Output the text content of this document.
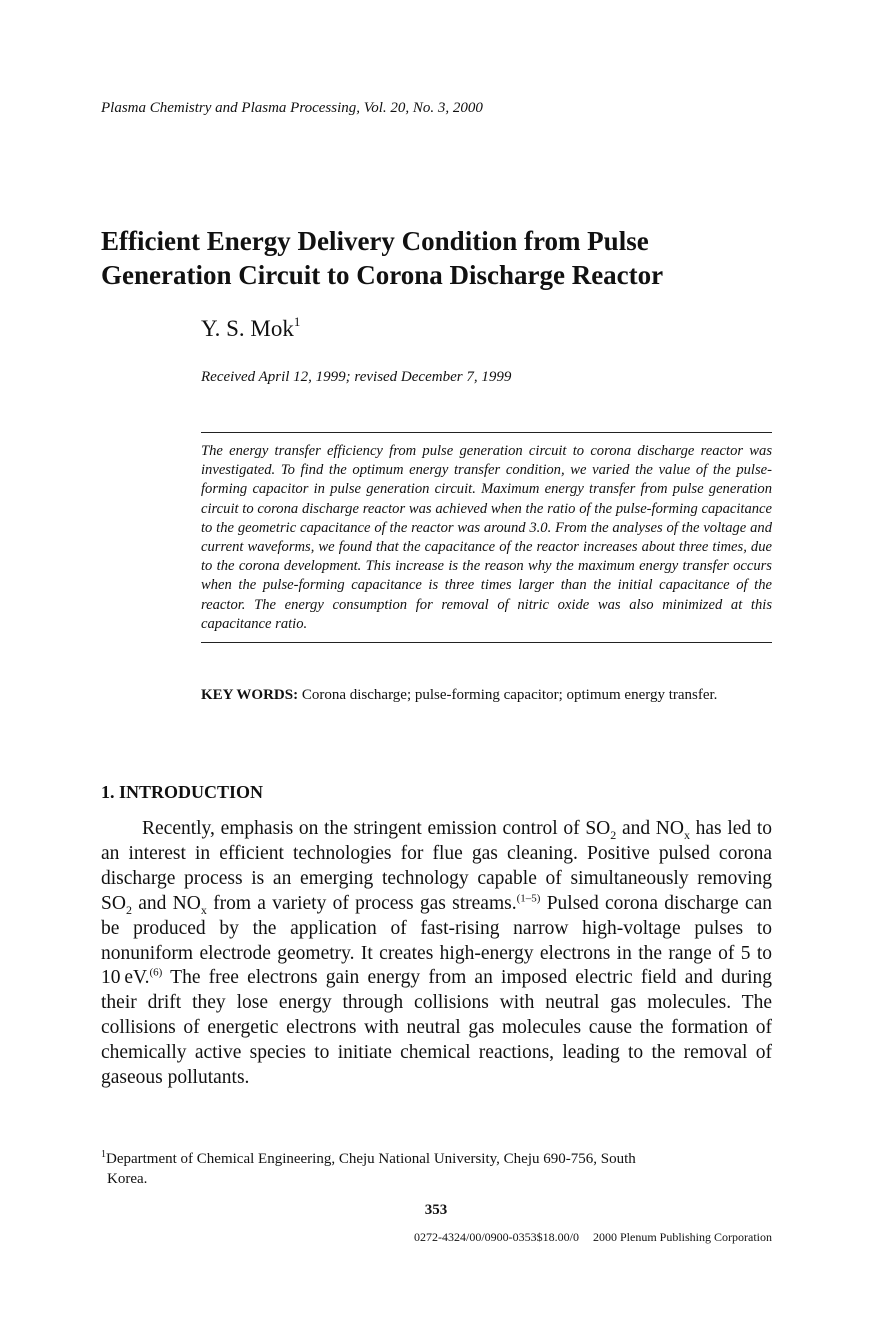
Plasma Chemistry and Plasma Processing, Vol. 20, No. 3, 2000
Efficient Energy Delivery Condition from Pulse
Generation Circuit to Corona Discharge Reactor
Y. S. Mok$^1$
Received April 12, 1999; revised December 7, 1999
The energy transfer efficiency from pulse generation circuit to corona discharge reactor was investigated. To find the optimum energy transfer condition, we varied the value of the pulse-forming capacitor in pulse generation circuit. Maximum energy transfer from pulse generation circuit to corona discharge reactor was achieved when the ratio of the pulse-forming capacitance to the geometric capacitance of the reactor was around 3.0. From the analyses of the voltage and current waveforms, we found that the capacitance of the reactor increases about three times, due to the corona development. This increase is the reason why the maximum energy transfer occurs when the pulse-forming capacitance is three times larger than the initial capacitance of the reactor. The energy consumption for removal of nitric oxide was also minimized at this capacitance ratio.
KEY WORDS: Corona discharge; pulse-forming capacitor; optimum energy transfer.
1. INTRODUCTION

Recently, emphasis on the stringent emission control of $SO_2$ and $NO_x$ has led to an interest in efficient technologies for flue gas cleaning. Positive pulsed corona discharge process is an emerging technology capable of simultaneously removing $SO_2$ and $NO_x$ from a variety of process gas streams.$^{(1-5)}$ Pulsed corona discharge can be produced by the application of fast-rising narrow high-voltage pulses to nonuniform electrode geometry. It creates high-energy electrons in the range of 5 to 10 eV.$^{(6)}$ The free electrons gain energy from an imposed electric field and during their drift they lose energy through collisions with neutral gas molecules. The collisions of energetic electrons with neutral gas molecules cause the formation of chemically active species to initiate chemical reactions, leading to the removal of gaseous pollutants.

$^1$Department of Chemical Engineering, Cheju National University, Cheju 690-756, South
Korea.
353
0272-4324/00/0900-0353$18.00/0 2000 Plenum Publishing Corporation
